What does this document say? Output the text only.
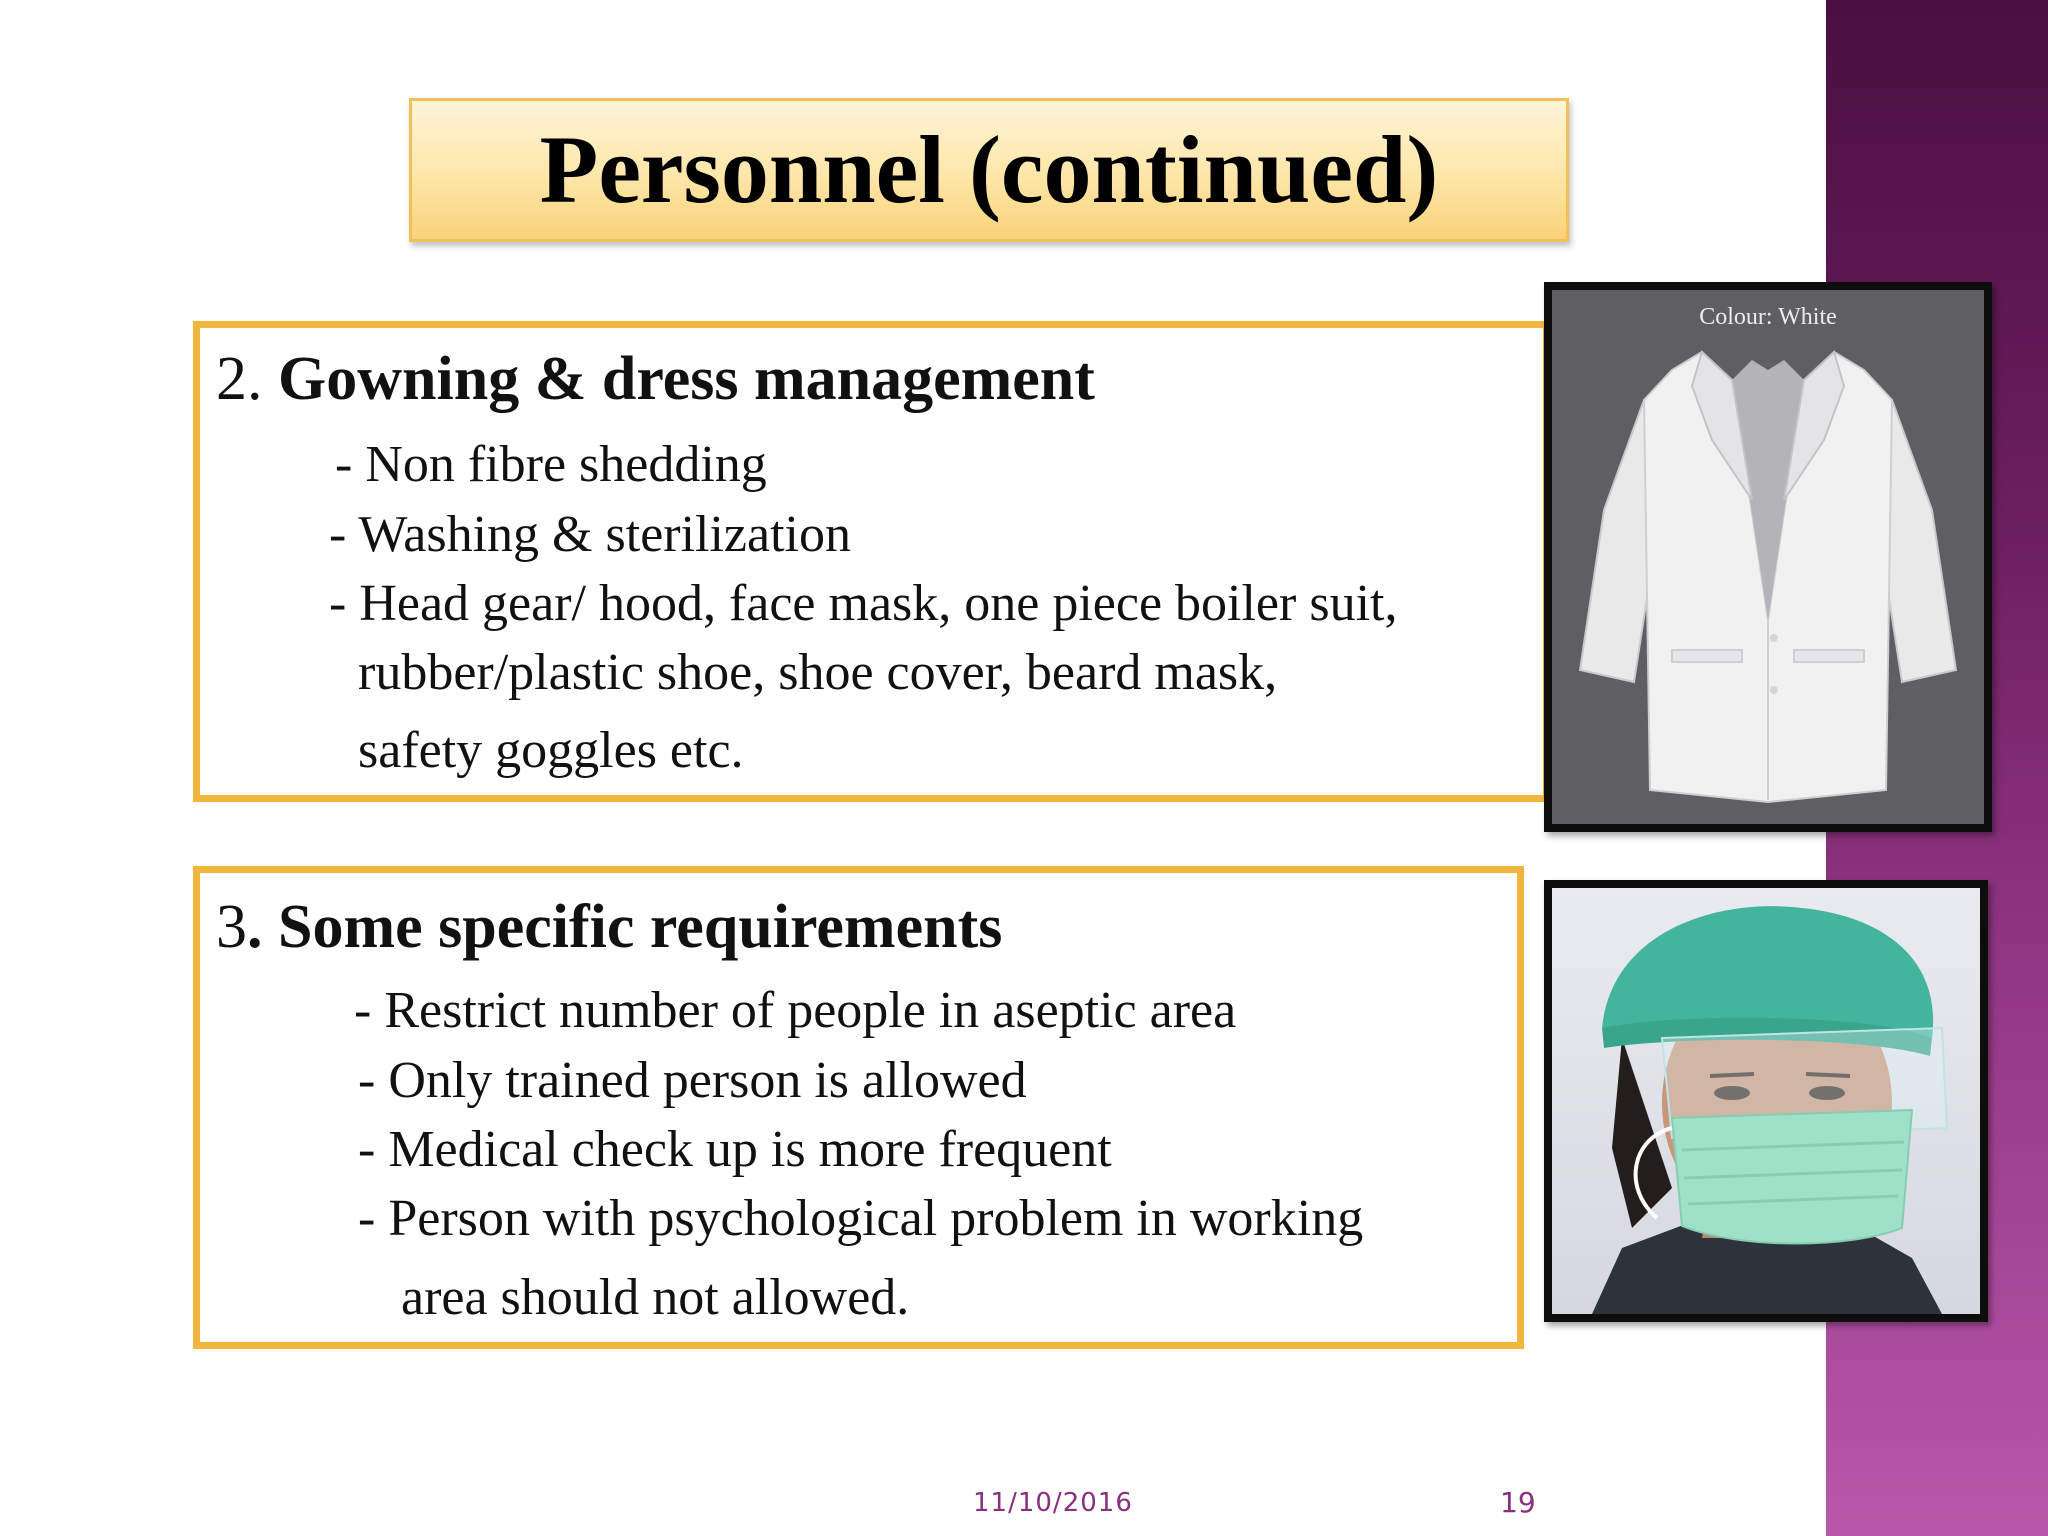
Personnel (continued)
2. Gowning & dress management
- Non fibre shedding
- Washing & sterilization
- Head gear/ hood, face mask, one piece boiler suit,
rubber/plastic shoe, shoe cover, beard mask,
safety goggles etc.
3. Some specific requirements
- Restrict number of people in aseptic area
- Only trained person is allowed
- Medical check up is more frequent
- Person with psychological problem in working
area should not allowed.
Colour: White
11/10/2016	19
